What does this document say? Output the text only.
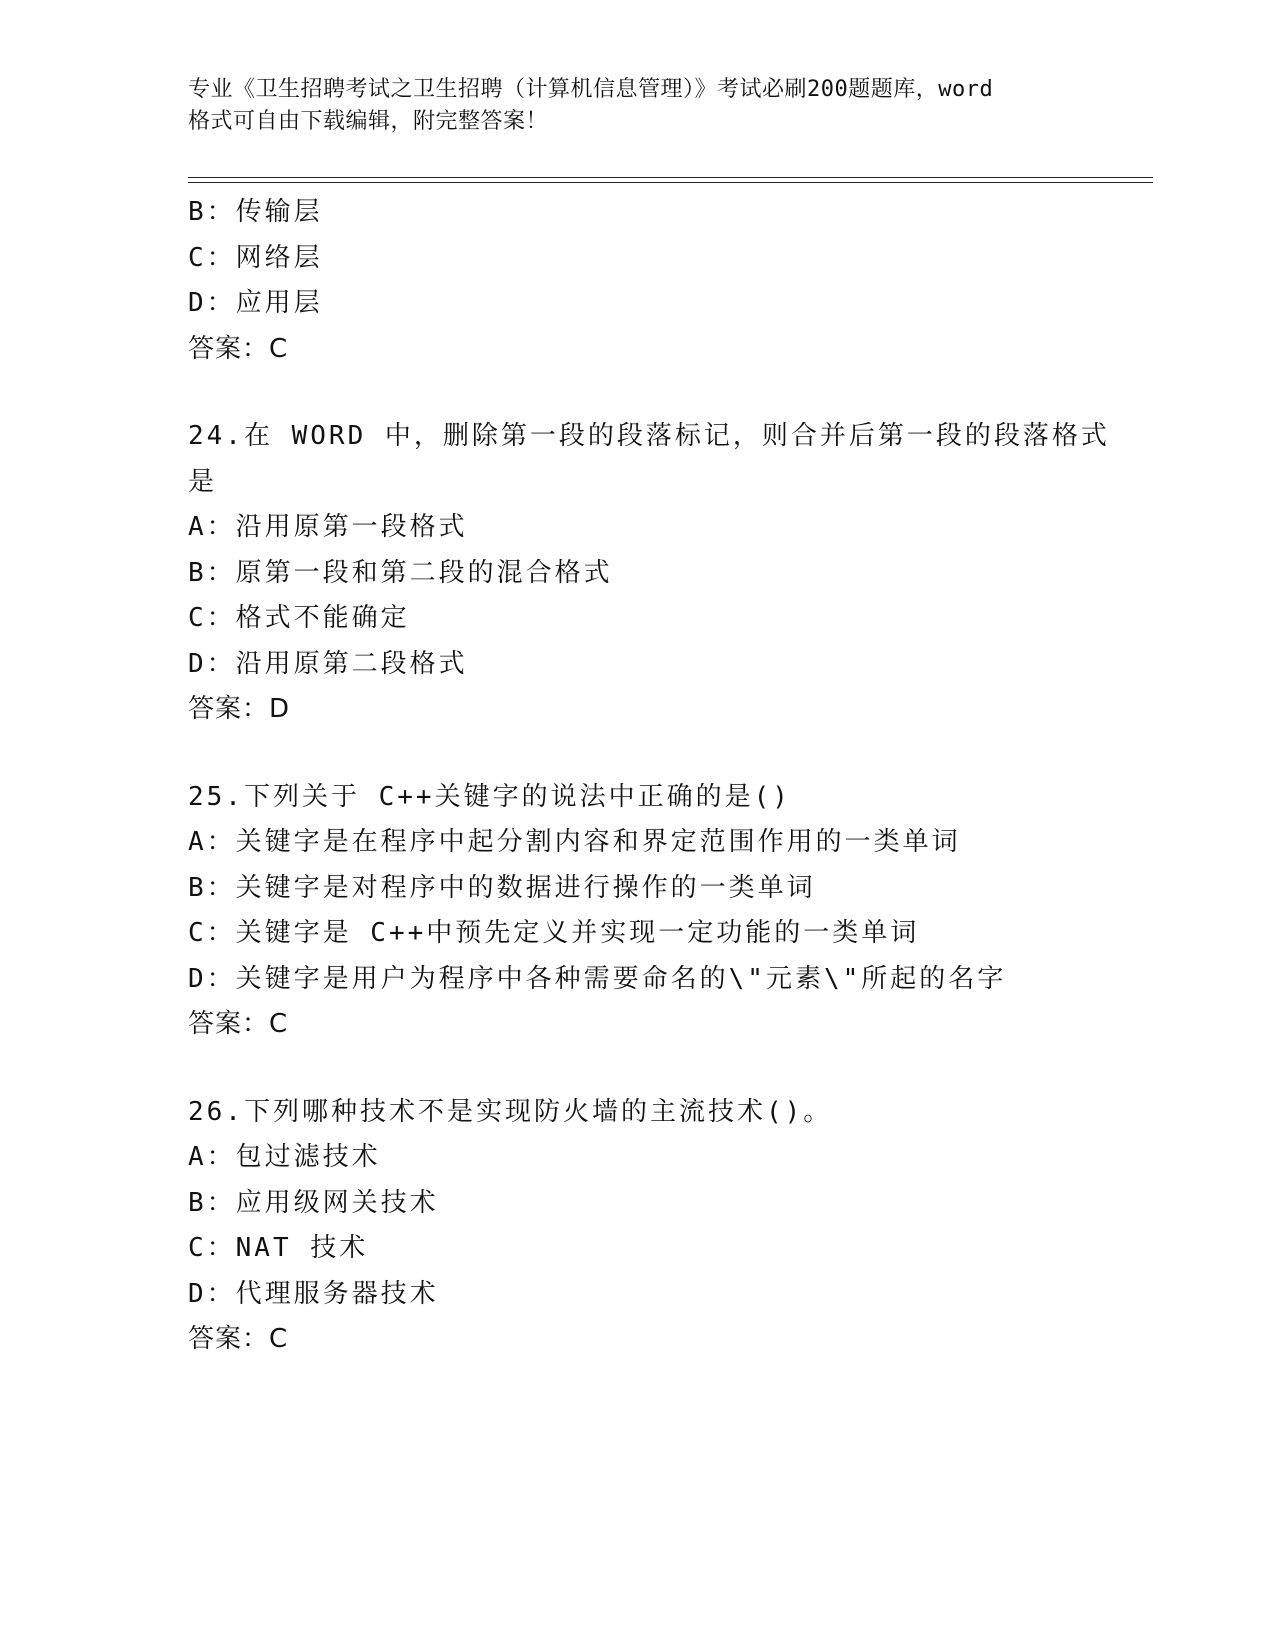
专业《卫生招聘考试之卫生招聘（计算机信息管理）》考试必刷200题题库，word
格式可自由下载编辑，附完整答案！
B：传输层
C：网络层
D：应用层
答案：C
24.在 WORD 中，删除第一段的段落标记，则合并后第一段的段落格式
是
A：沿用原第一段格式
B：原第一段和第二段的混合格式
C：格式不能确定
D：沿用原第二段格式
答案：D
25.下列关于 C++关键字的说法中正确的是()
A：关键字是在程序中起分割内容和界定范围作用的一类单词
B：关键字是对程序中的数据进行操作的一类单词
C：关键字是 C++中预先定义并实现一定功能的一类单词
D：关键字是用户为程序中各种需要命名的\"元素\"所起的名字
答案：C
26.下列哪种技术不是实现防火墙的主流技术()。
A：包过滤技术
B：应用级网关技术
C：NAT 技术
D：代理服务器技术
答案：C
